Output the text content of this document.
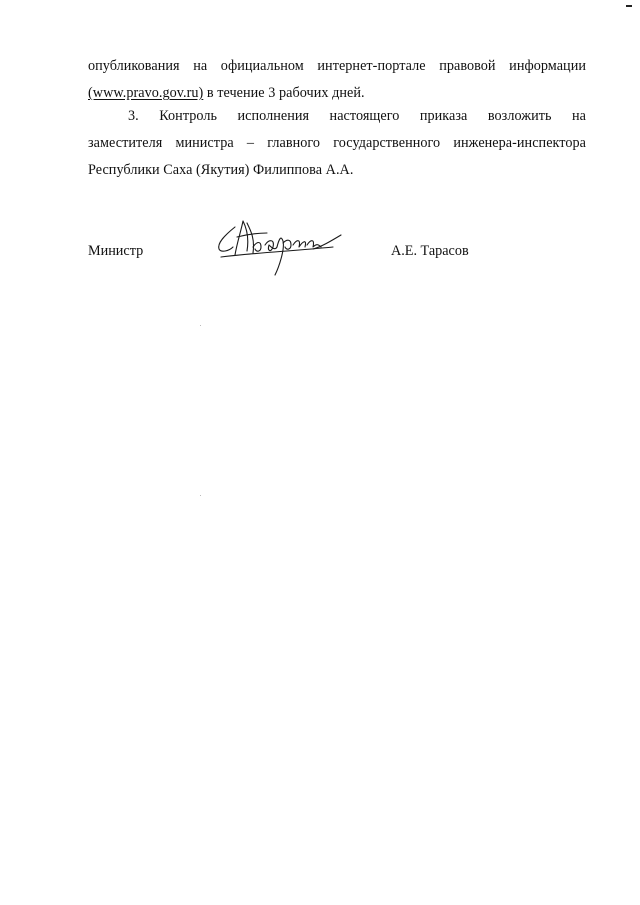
опубликования на официальном интернет-портале правовой информации
(www.pravo.gov.ru) в течение 3 рабочих дней.
3. Контроль исполнения настоящего приказа возложить на
заместителя министра – главного государственного инженера-инспектора
Республики Саха (Якутия) Филиппова А.А.
Министр	А.Е. Тарасов
